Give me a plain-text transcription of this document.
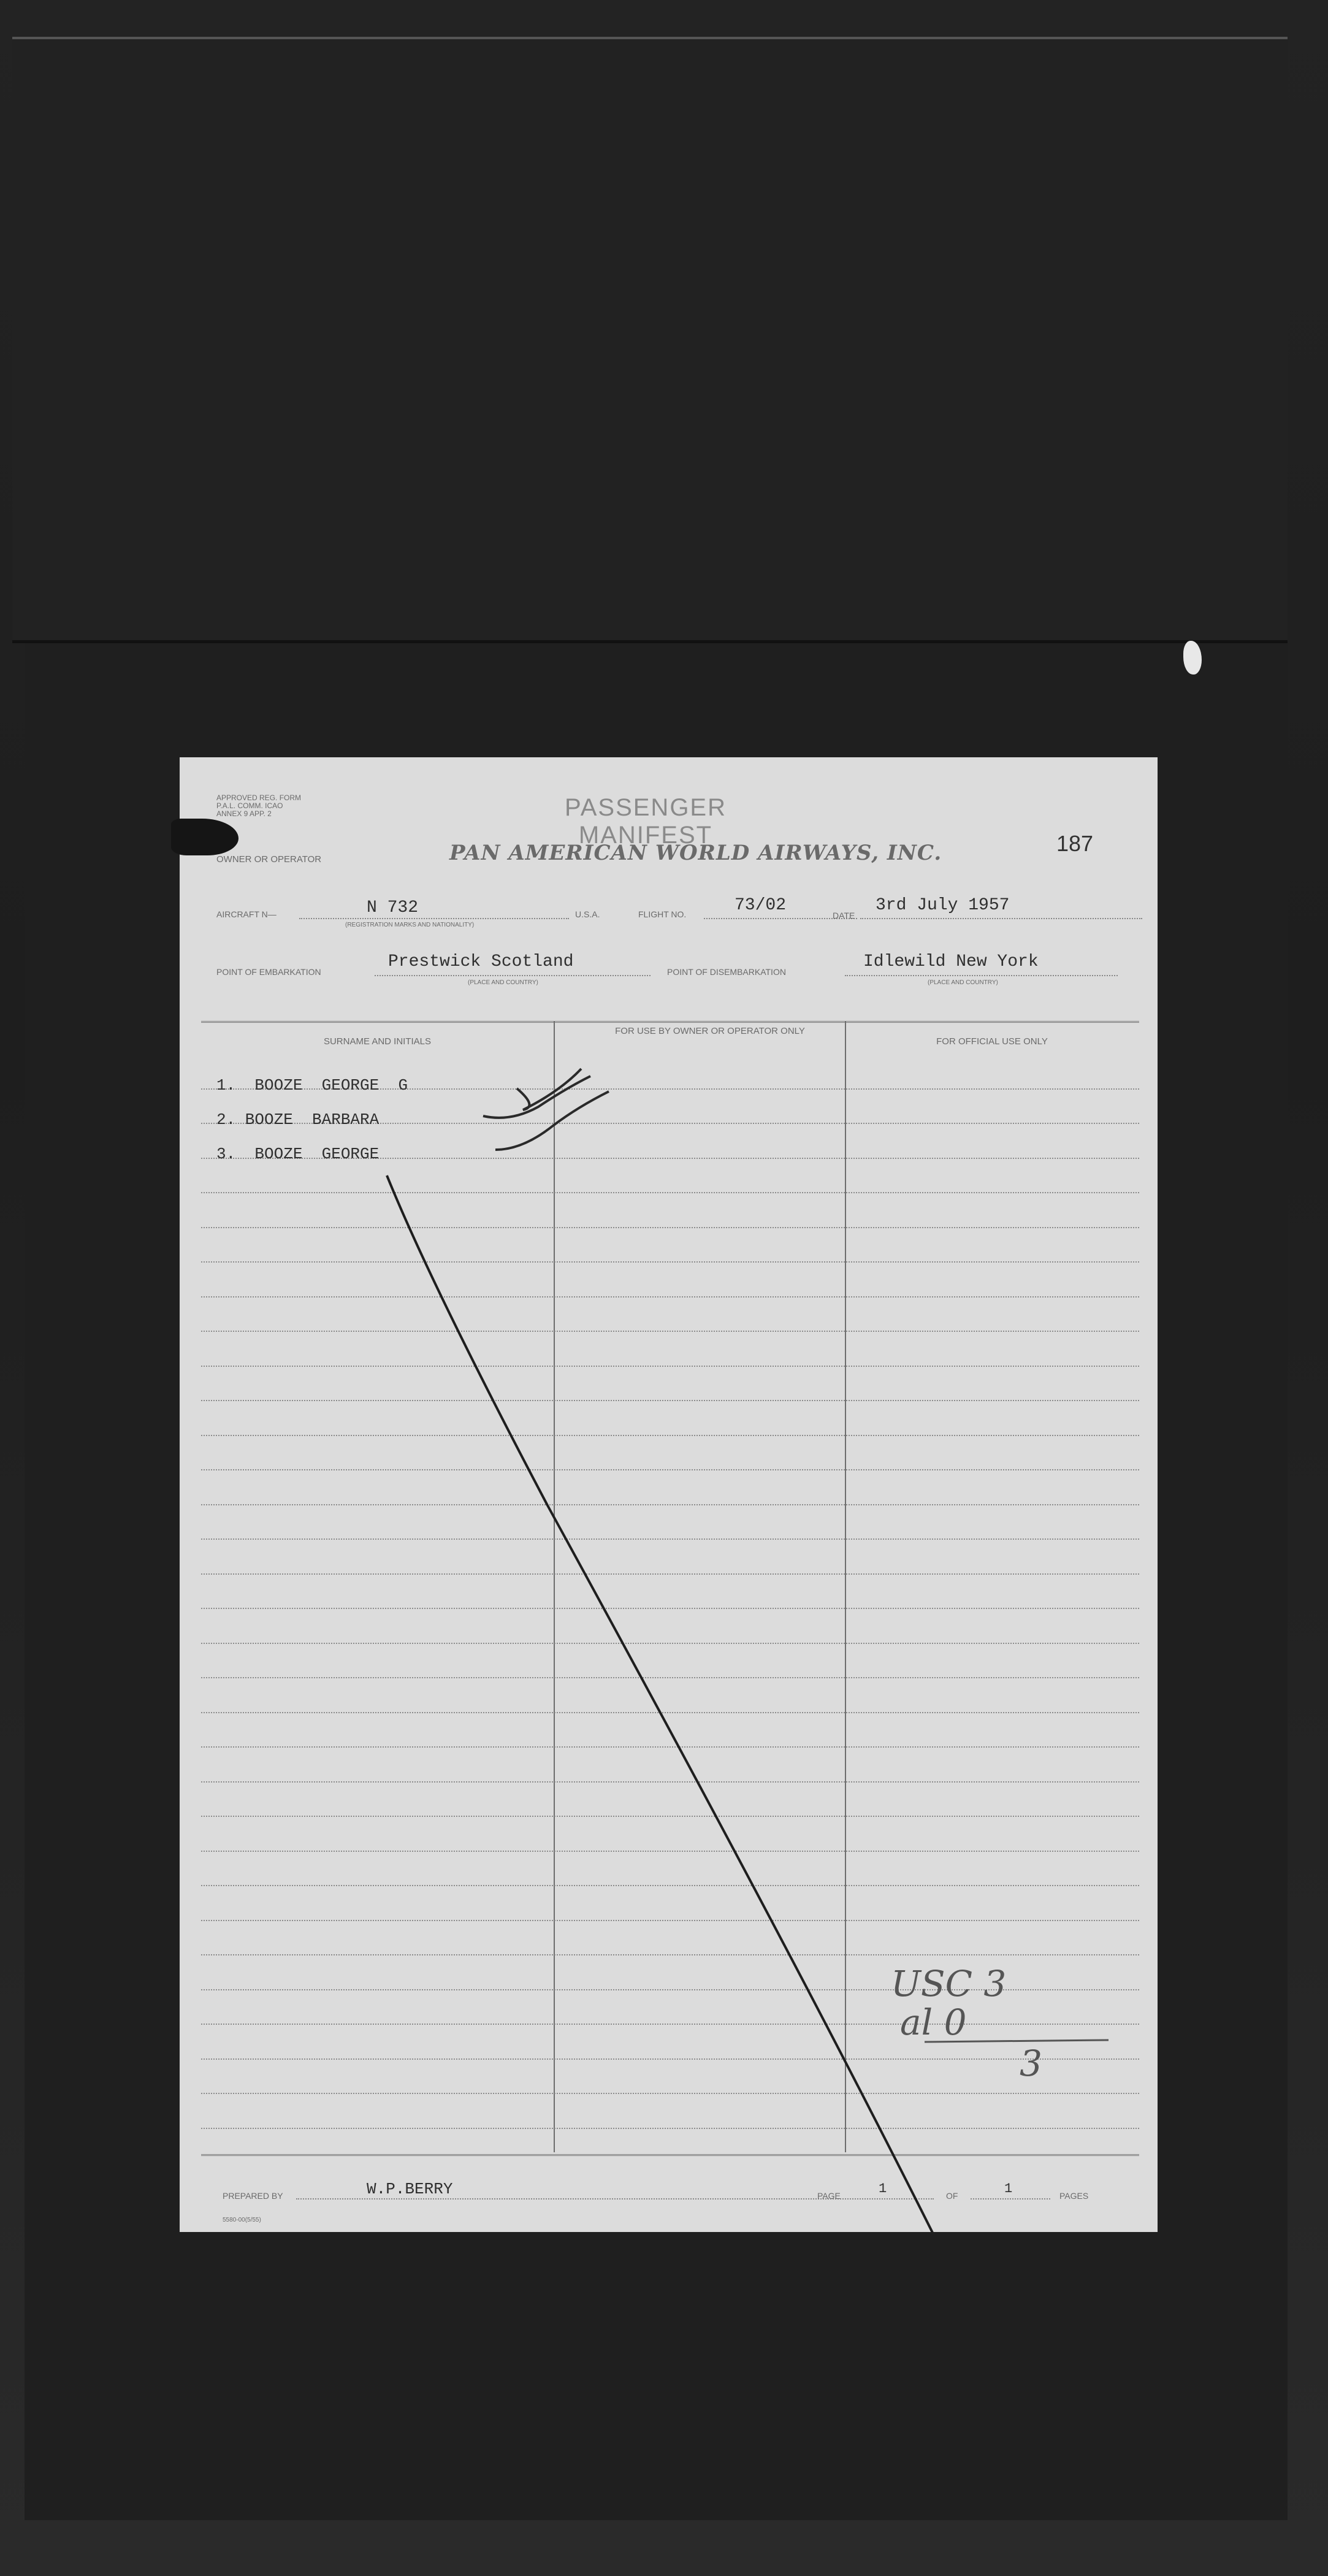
APPROVED REG. FORM P.A.L. COMM. ICAO ANNEX 9 APP. 2	PASSENGER MANIFEST
OWNER OR OPERATOR	PAN AMERICAN WORLD AIRWAYS, INC.	187
AIRCRAFT N—	N 732
(REGISTRATION MARKS AND NATIONALITY)
U.S.A.	FLIGHT NO.	73/02
DATE
3rd July 1957
POINT OF EMBARKATION
Prestwick Scotland
(PLACE AND COUNTRY)
POINT OF DISEMBARKATION
Idlewild New York
(PLACE AND COUNTRY)
SURNAME AND INITIALS
FOR USE BY OWNER OR OPERATOR ONLY
FOR OFFICIAL USE ONLY
1.  BOOZE  GEORGE  G
2. BOOZE  BARBARA
3.  BOOZE  GEORGE
PREPARED BY	W.P.BERRY	PAGE	1	OF	1	PAGES
5580-00(5/55)
USC 3
al 0
3
